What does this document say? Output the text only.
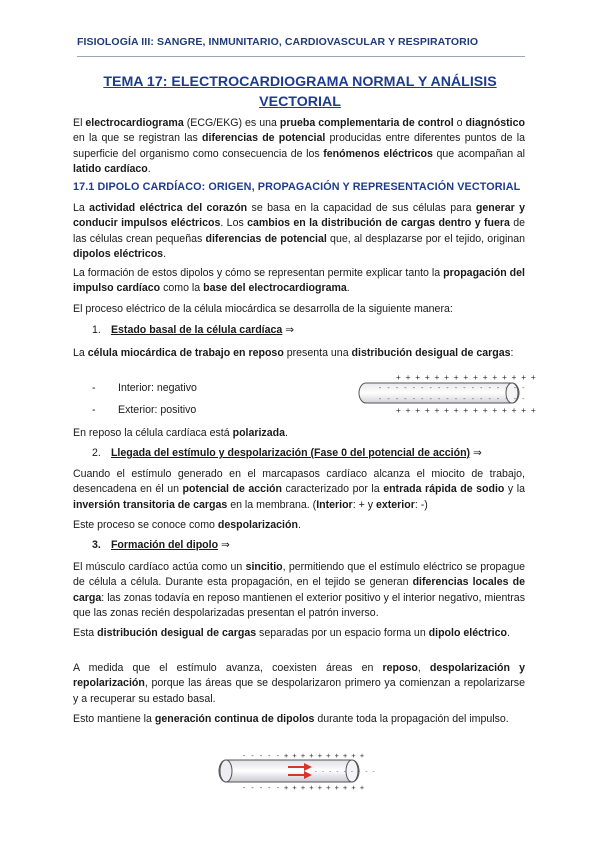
FISIOLOGÍA III: SANGRE, INMUNITARIO, CARDIOVASCULAR Y RESPIRATORIO
TEMA 17: ELECTROCARDIOGRAMA NORMAL Y ANÁLISIS VECTORIAL
El electrocardiograma (ECG/EKG) es una prueba complementaria de control o diagnóstico en la que se registran las diferencias de potencial producidas entre diferentes puntos de la superficie del organismo como consecuencia de los fenómenos eléctricos que acompañan al latido cardíaco.
17.1 DIPOLO CARDÍACO: ORIGEN, PROPAGACIÓN Y REPRESENTACIÓN VECTORIAL
La actividad eléctrica del corazón se basa en la capacidad de sus células para generar y conducir impulsos eléctricos. Los cambios en la distribución de cargas dentro y fuera de las células crean pequeñas diferencias de potencial que, al desplazarse por el tejido, originan dipolos eléctricos.
La formación de estos dipolos y cómo se representan permite explicar tanto la propagación del impulso cardíaco como la base del electrocardiograma.
El proceso eléctrico de la célula miocárdica se desarrolla de la siguiente manera:
1. Estado basal de la célula cardíaca ⇒
La célula miocárdica de trabajo en reposo presenta una distribución desigual de cargas:
- Interior: negativo
- Exterior: positivo
+ + + + + + + + + + + + + + +
- - - - - - - - - - - - - - - - - -
- - - - - - - - - - - - - - - - - -
+ + + + + + + + + + + + + + +
En reposo la célula cardíaca está polarizada.
2. Llegada del estímulo y despolarización (Fase 0 del potencial de acción) ⇒
Cuando el estímulo generado en el marcapasos cardíaco alcanza el miocito de trabajo, desencadena en él un potencial de acción caracterizado por la entrada rápida de sodio y la inversión transitoria de cargas en la membrana. (Interior: + y exterior: -)
Este proceso se conoce como despolarización.
3. Formación del dipolo ⇒
El músculo cardíaco actúa como un sincitio, permitiendo que el estímulo eléctrico se propague de célula a célula. Durante esta propagación, en el tejido se generan diferencias locales de carga: las zonas todavía en reposo mantienen el exterior positivo y el interior negativo, mientras que las zonas recién despolarizadas presentan el patrón inverso.
Esta distribución desigual de cargas separadas por un espacio forma un dipolo eléctrico.
A medida que el estímulo avanza, coexisten áreas en reposo, despolarización y repolarización, porque las áreas que se despolarizaron primero ya comienzan a repolarizarse y a recuperar su estado basal.
Esto mantiene la generación continua de dipolos durante toda la propagación del impulso.
- - - - - -
+ + + + + + + + + +
- - - - - - - - -
- - - - - -
+ + + + + + + + + +
